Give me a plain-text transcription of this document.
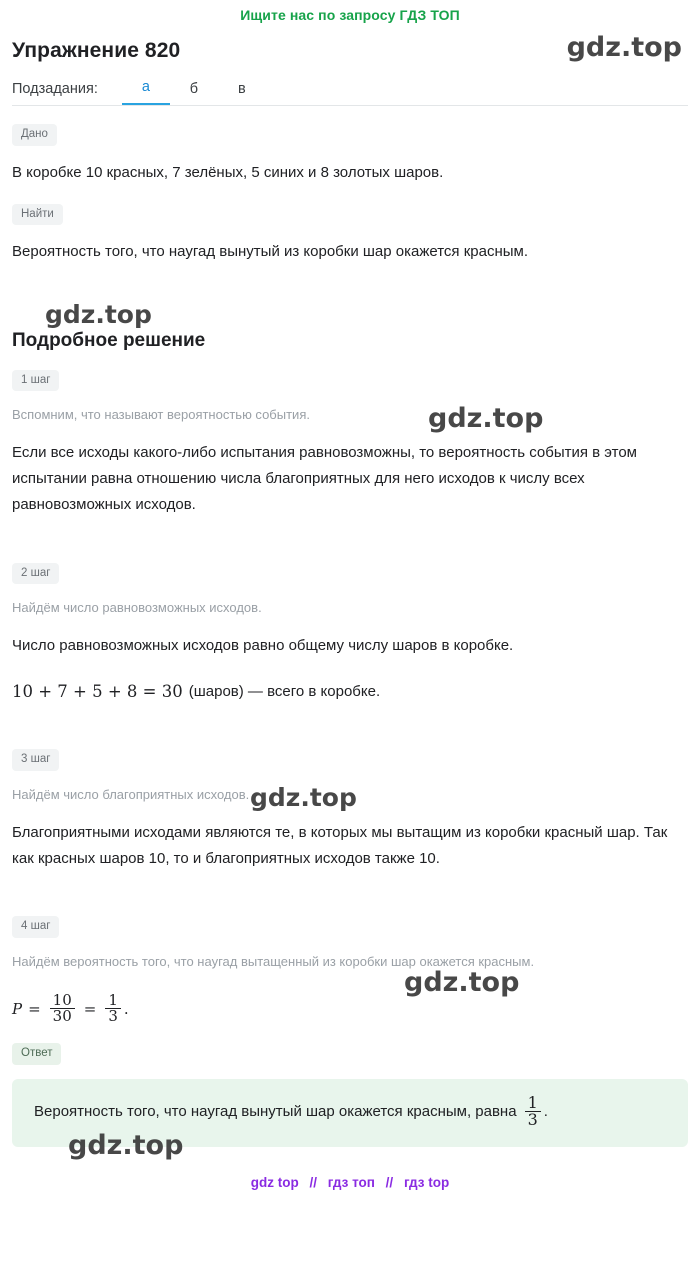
Ищите нас по запросу ГДЗ ТОП
gdz.top
gdz.top
gdz.top
gdz.top
gdz.top
gdz.top
Упражнение 820
Подзадания:	а	б	в
Дано

В коробке 10 красных, 7 зелёных, 5 синих и 8 золотых шаров.

Найти

Вероятность того, что наугад вынутый из коробки шар окажется красным.

Подробное решение
1 шаг

Вспомним, что называют вероятностью события.

Если все исходы какого-либо испытания равновозможны, то вероятность события в этом испытании равна отношению числа благоприятных для него исходов к числу всех равновозможных исходов.

2 шаг

Найдём число равновозможных исходов.

Число равновозможных исходов равно общему числу шаров в коробке.

10 + 7 + 5 + 8 = 30 (шаров) — всего в коробке.
3 шаг

Найдём число благоприятных исходов.

Благоприятными исходами являются те, в которых мы вытащим из коробки красный шар. Так как красных шаров 10, то и благоприятных исходов также 10.

4 шаг

Найдём вероятность того, что наугад вытащенный из коробки шар окажется красным.

$P = \frac{10}{30} = \frac{1}{3}$ .
Ответ
Вероятность того, что наугад вынутый шар окажется красным, равна $\frac{1}{3}$ .
gdz top // гдз топ // гдз top
